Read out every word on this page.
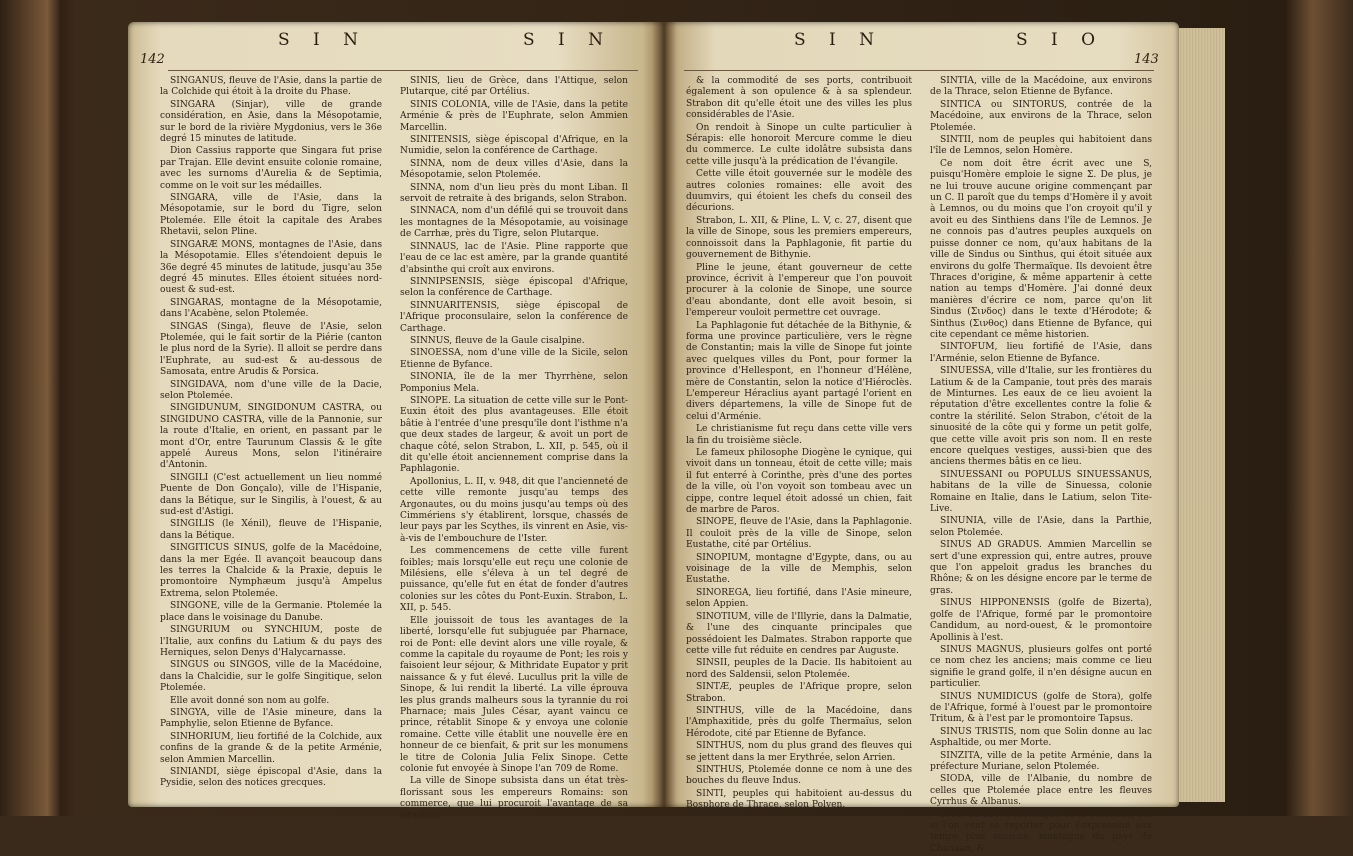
142
S I N	S I N

SINGANUS, fleuve de l'Asie, dans la partie de la Colchide qui étoit à la droite du Phase.

SINGARA (Sinjar), ville de grande considération, en Asie, dans la Mésopotamie, sur le bord de la rivière Mygdonius, vers le 36e degré 15 minutes de latitude.

Dion Cassius rapporte que Singara fut prise par Trajan. Elle devint ensuite colonie romaine, avec les surnoms d'Aurelia & de Septimia, comme on le voit sur les médailles.

SINGARA, ville de l'Asie, dans la Mésopotamie, sur le bord du Tigre, selon Ptolemée. Elle étoit la capitale des Arabes Rhetavii, selon Pline.

SINGARÆ MONS, montagnes de l'Asie, dans la Mésopotamie. Elles s'étendoient depuis le 36e degré 45 minutes de latitude, jusqu'au 35e degré 45 minutes. Elles étoient situées nord-ouest & sud-est.

SINGARAS, montagne de la Mésopotamie, dans l'Acabène, selon Ptolemée.

SINGAS (Singa), fleuve de l'Asie, selon Ptolemée, qui le fait sortir de la Piérie (canton le plus nord de la Syrie). Il alloit se perdre dans l'Euphrate, au sud-est & au-dessous de Samosata, entre Arudis & Porsica.

SINGIDAVA, nom d'une ville de la Dacie, selon Ptolemée.

SINGIDUNUM, SINGIDONUM CASTRA, ou SINGIDUNO CASTRA, ville de la Pannonie, sur la route d'Italie, en orient, en passant par le mont d'Or, entre Taurunum Classis & le gîte appelé Aureus Mons, selon l'itinéraire d'Antonin.

SINGILI (C'est actuellement un lieu nommé Puente de Don Gonçalo), ville de l'Hispanie, dans la Bétique, sur le Singilis, à l'ouest, & au sud-est d'Astigi.

SINGILIS (le Xénil), fleuve de l'Hispanie, dans la Bétique.

SINGITICUS SINUS, golfe de la Macédoine, dans la mer Egée. Il avançoit beaucoup dans les terres la Chalcide & la Praxie, depuis le promontoire Nymphæum jusqu'à Ampelus Extrema, selon Ptolemée.

SINGONE, ville de la Germanie. Ptolemée la place dans le voisinage du Danube.

SINGURIUM ou SYNCHIUM, poste de l'Italie, aux confins du Latium & du pays des Herniques, selon Denys d'Halycarnasse.

SINGUS ou SINGOS, ville de la Macédoine, dans la Chalcidie, sur le golfe Singitique, selon Ptolemée.

Elle avoit donné son nom au golfe.

SINGYA, ville de l'Asie mineure, dans la Pamphylie, selon Etienne de Byfance.

SINHORIUM, lieu fortifié de la Colchide, aux confins de la grande & de la petite Arménie, selon Ammien Marcellin.

SINIANDI, siège épiscopal d'Asie, dans la Pysidie, selon des notices grecques.

SINIS, lieu de Grèce, dans l'Attique, selon Plutarque, cité par Ortélius.

SINIS COLONIA, ville de l'Asie, dans la petite Arménie & près de l'Euphrate, selon Ammien Marcellin.

SINITENSIS, siège épiscopal d'Afrique, en la Numidie, selon la conférence de Carthage.

SINNA, nom de deux villes d'Asie, dans la Mésopotamie, selon Ptolemée.

SINNA, nom d'un lieu près du mont Liban. Il servoit de retraite à des brigands, selon Strabon.

SINNACA, nom d'un défilé qui se trouvoit dans les montagnes de la Mésopotamie, au voisinage de Carrhæ, près du Tigre, selon Plutarque.

SINNAUS, lac de l'Asie. Pline rapporte que l'eau de ce lac est amère, par la grande quantité d'absinthe qui croît aux environs.

SINNIPSENSIS, siège épiscopal d'Afrique, selon la conférence de Carthage.

SINNUARITENSIS, siège épiscopal de l'Afrique proconsulaire, selon la conférence de Carthage.

SINNUS, fleuve de la Gaule cisalpine.

SINOESSA, nom d'une ville de la Sicile, selon Etienne de Byfance.

SINONIA, île de la mer Thyrrhène, selon Pomponius Mela.

SINOPE. La situation de cette ville sur le Pont-Euxin étoit des plus avantageuses. Elle étoit bâtie à l'entrée d'une presqu'île dont l'isthme n'a que deux stades de largeur, & avoit un port de chaque côté, selon Strabon, L. XII, p. 545, où il dit qu'elle étoit anciennement comprise dans la Paphlagonie.

Apollonius, L. II, v. 948, dit que l'ancienneté de cette ville remonte jusqu'au temps des Argonautes, ou du moins jusqu'au temps où des Cimmériens s'y établirent, lorsque, chassés de leur pays par les Scythes, ils vinrent en Asie, vis-à-vis de l'embouchure de l'Ister.

Les commencemens de cette ville furent foibles; mais lorsqu'elle eut reçu une colonie de Milésiens, elle s'éleva à un tel degré de puissance, qu'elle fut en état de fonder d'autres colonies sur les côtes du Pont-Euxin. Strabon, L. XII, p. 545.

Elle jouissoit de tous les avantages de la liberté, lorsqu'elle fut subjuguée par Pharnace, roi de Pont: elle devint alors une ville royale, & comme la capitale du royaume de Pont; les rois y faisoient leur séjour, & Mithridate Eupator y prit naissance & y fut élevé. Lucullus prit la ville de Sinope, & lui rendit la liberté. La ville éprouva les plus grands malheurs sous la tyrannie du roi Pharnace; mais Jules César, ayant vaincu ce prince, rétablit Sinope & y envoya une colonie romaine. Cette ville établit une nouvelle ère en honneur de ce bienfait, & prit sur les monumens le titre de Colonia Julia Felix Sinope. Cette colonie fut envoyée à Sinope l'an 709 de Rome.

La ville de Sinope subsista dans un état très-florissant sous les empereurs Romains: son commerce, que lui procuroit l'avantage de sa situation

S I N	S I O
143

& la commodité de ses ports, contribuoit également à son opulence & à sa splendeur. Strabon dit qu'elle étoit une des villes les plus considérables de l'Asie.

On rendoit à Sinope un culte particulier à Sérapis: elle honoroit Mercure comme le dieu du commerce. Le culte idolâtre subsista dans cette ville jusqu'à la prédication de l'évangile.

Cette ville étoit gouvernée sur le modèle des autres colonies romaines: elle avoit des duumvirs, qui étoient les chefs du conseil des décurions.

Strabon, L. XII, & Pline, L. V, c. 27, disent que la ville de Sinope, sous les premiers empereurs, connoissoit dans la Paphlagonie, fit partie du gouvernement de Bithynie.

Pline le jeune, étant gouverneur de cette province, écrivit à l'empereur que l'on pouvoit procurer à la colonie de Sinope, une source d'eau abondante, dont elle avoit besoin, si l'empereur vouloit permettre cet ouvrage.

La Paphlagonie fut détachée de la Bithynie, & forma une province particulière, vers le règne de Constantin; mais la ville de Sinope fut jointe avec quelques villes du Pont, pour former la province d'Hellespont, en l'honneur d'Hélène, mère de Constantin, selon la notice d'Hiéroclès. L'empereur Héraclius ayant partagé l'orient en divers départemens, la ville de Sinope fut de celui d'Arménie.

Le christianisme fut reçu dans cette ville vers la fin du troisième siècle.

Le fameux philosophe Diogène le cynique, qui vivoit dans un tonneau, étoit de cette ville; mais il fut enterré à Corinthe, près d'une des portes de la ville, où l'on voyoit son tombeau avec un cippe, contre lequel étoit adossé un chien, fait de marbre de Paros.

SINOPE, fleuve de l'Asie, dans la Paphlagonie. Il couloit près de la ville de Sinope, selon Eustathe, cité par Ortélius.

SINOPIUM, montagne d'Egypte, dans, ou au voisinage de la ville de Memphis, selon Eustathe.

SINOREGA, lieu fortifié, dans l'Asie mineure, selon Appien.

SINOTIUM, ville de l'Illyrie, dans la Dalmatie, & l'une des cinquante principales que possédoient les Dalmates. Strabon rapporte que cette ville fut réduite en cendres par Auguste.

SINSII, peuples de la Dacie. Ils habitoient au nord des Saldensii, selon Ptolemée.

SINTÆ, peuples de l'Afrique propre, selon Strabon.

SINTHUS, ville de la Macédoine, dans l'Amphaxitide, près du golfe Thermaïus, selon Hérodote, cité par Etienne de Byfance.

SINTHUS, nom du plus grand des fleuves qui se jettent dans la mer Erythrée, selon Arrien.

SINTHUS, Ptolemée donne ce nom à une des bouches du fleuve Indus.

SINTI, peuples qui habitoient au-dessus du Bosphore de Thrace, selon Polyen.

SINTIA, ville de la Macédoine, aux environs de la Thrace, selon Etienne de Byfance.

SINTICA ou SINTORUS, contrée de la Macédoine, aux environs de la Thrace, selon Ptolemée.

SINTII, nom de peuples qui habitoient dans l'île de Lemnos, selon Homère.

Ce nom doit être écrit avec une S, puisqu'Homère emploie le signe Σ. De plus, je ne lui trouve aucune origine commençant par un C. Il paroît que du temps d'Homère il y avoit à Lemnos, ou du moins que l'on croyoit qu'il y avoit eu des Sinthiens dans l'île de Lemnos. Je ne connois pas d'autres peuples auxquels on puisse donner ce nom, qu'aux habitans de la ville de Sindus ou Sinthus, qui étoit située aux environs du golfe Thermaïque. Ils devoient être Thraces d'origine, & même appartenir à cette nation au temps d'Homère. J'ai donné deux manières d'écrire ce nom, parce qu'on lit Sindus (Σινδος) dans le texte d'Hérodote; & Sinthus (Σινθος) dans Etienne de Byfance, qui cite cependant ce même historien.

SINTOFUM, lieu fortifié de l'Asie, dans l'Arménie, selon Etienne de Byfance.

SINUESSA, ville d'Italie, sur les frontières du Latium & de la Campanie, tout près des marais de Minturnes. Les eaux de ce lieu avoient la réputation d'être excellentes contre la folie & contre la stérilité. Selon Strabon, c'étoit de la sinuosité de la côte qui y forme un petit golfe, que cette ville avoit pris son nom. Il en reste encore quelques vestiges, aussi-bien que des anciens thermes bâtis en ce lieu.

SINUESSANI ou POPULUS SINUESSANUS, habitans de la ville de Sinuessa, colonie Romaine en Italie, dans le Latium, selon Tite-Live.

SINUNIA, ville de l'Asie, dans la Parthie, selon Ptolemée.

SINUS AD GRADUS. Ammien Marcellin se sert d'une expression qui, entre autres, prouve que l'on appeloit gradus les branches du Rhône; & on les désigne encore par le terme de gras.

SINUS HIPPONENSIS (golfe de Bizerta), golfe de l'Afrique, formé par le promontoire Candidum, au nord-ouest, & le promontoire Apollinis à l'est.

SINUS MAGNUS, plusieurs golfes ont porté ce nom chez les anciens; mais comme ce lieu signifie le grand golfe, il n'en désigne aucun en particulier.

SINUS NUMIDICUS (golfe de Stora), golfe de l'Afrique, formé à l'ouest par le promontoire Tritum, & à l'est par le promontoire Tapsus.

SINUS TRISTIS, nom que Solin donne au lac Asphaltide, ou mer Morte.

SINZITA, ville de la petite Arménie, dans la préfecture Muriane, selon Ptolemée.

SIODA, ville de l'Albanie, du nombre de celles que Ptolemée place entre les fleuves Cyrrhus & Albanus.

SION ou ZION, montagne de la Palestine, ou, si l'on veut se reporter pour l'expression aux temps plus anciens, montagne du pays de Chanaan, &
